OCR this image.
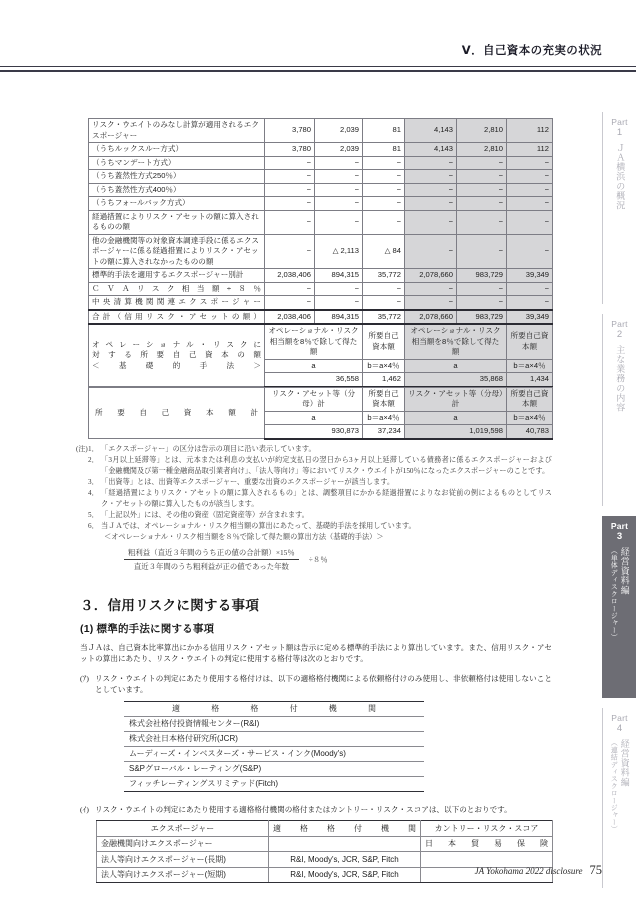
Ⅴ．自己資本の充実の状況
Part
1
ＪＡ横浜の概況
Part
2
主な業務の内容
Part
3
経営資料編
（単体ディスクロージャー）
Part
4
経営資料編
（連結ディスクロージャー）
リスク・ウエイトのみなし計算が適用されるエクスポージャー	3,780	2,039	81	4,143	2,810	112
（うちルックスルー方式）	3,780	2,039	81	4,143	2,810	112
（うちマンデート方式）	−	−	−	−	−	−
（うち蓋然性方式250％）	−	−	−	−	−	−
（うち蓋然性方式400％）	−	−	−	−	−	−
（うちフォールバック方式）	−	−	−	−	−	−
経過措置によりリスク・アセットの額に算入されるものの額	−	−	−	−	−	−
他の金融機関等の対象資本調達手段に係るエクスポージャーに係る経過措置によりリスク・アセットの額に算入されなかったものの額	−	△ 2,113	△ 84	−	−	−
標準的手法を適用するエクスポージャー別計	2,038,406	894,315	35,772	2,078,660	983,729	39,349
ＣＶＡリスク相当額÷８％	−	−	−	−	−	−
中央清算機関関連エクスポージャー	−	−	−	−	−	−
合計（信用リスク・アセットの額）	2,038,406	894,315	35,772	2,078,660	983,729	39,349
オペレーショナル・リスクに
対する所要自己資本の額
＜基礎的手法＞	オペレーショナル・リスク相当額を8％で除して得た額	所要自己資本額	オペレーショナル・リスク相当額を8％で除して得た額	所要自己資本額
	a	b＝a×4％	a	b＝a×4％
	36,558	1,462	35,868	1,434
所要自己資本額計	リスク・アセット等（分母）計	所要自己資本額	リスク・アセット等（分母）計	所要自己資本額
	a	b＝a×4％	a	b＝a×4％
	930,873	37,234	1,019,598	40,783
(注) 1． 「エクスポージャー」の区分は告示の項目に沿い表示しています。
2． 「3月以上延滞等」とは、元本または利息の支払いが約定支払日の翌日から3ヶ月以上延滞している債務者に係るエクスポージャーおよび「金融機関及び第一種金融商品取引業者向け」、「法人等向け」等においてリスク・ウエイトが150％になったエクスポージャーのことです。
3． 「出資等」とは、出資等エクスポージャー、重要な出資のエクスポージャーが該当します。
4． 「経過措置によりリスク・アセットの額に算入されるもの」とは、調整項目にかかる経過措置によりなお従前の例によるものとしてリスク・アセットの額に算入したものが該当します。
5． 「上記以外」には、その他の資産（固定資産等）が含まれます。
6． 当ＪＡでは、オペレーショナル・リスク相当額の算出にあたって、基礎的手法を採用しています。
＜オペレーショナル・リスク相当額を８％で除して得た額の算出方法（基礎的手法）＞
$\frac{\text{粗利益（直近３年間のうち正の値の合計額）×15％}}{\text{直近３年間のうち粗利益が正の値であった年数}} \div 8$％
３．信用リスクに関する事項
(1) 標準的手法に関する事項
当ＪＡは、自己資本比率算出にかかる信用リスク・アセット額は告示に定める標準的手法により算出しています。また、信用リスク・アセットの算出にあたり、リスク・ウエイトの判定に使用する格付等は次のとおりです。
(ｱ) リスク・ウエイトの判定にあたり使用する格付けは、以下の適格格付機関による依頼格付けのみ使用し、非依頼格付は使用しないこととしています。
適格格付機関
株式会社格付投資情報センター(R&I)
株式会社日本格付研究所(JCR)
ムーディーズ・インベスターズ・サービス・インク(Moody's)
S&Pグローバル・レーティング(S&P)
フィッチレーティングスリミテッド(Fitch)
(ｲ) リスク・ウエイトの判定にあたり使用する適格格付機関の格付またはカントリー・リスク・スコアは、以下のとおりです。
エクスポージャー	適格格付機関	カントリー・リスク・スコア
金融機関向けエクスポージャー		日本貿易保険
法人等向けエクスポージャー(長期)	R&I, Moody's, JCR, S&P, Fitch	
法人等向けエクスポージャー(短期)	R&I, Moody's, JCR, S&P, Fitch		JA Yokohama 2022 disclosure 75
